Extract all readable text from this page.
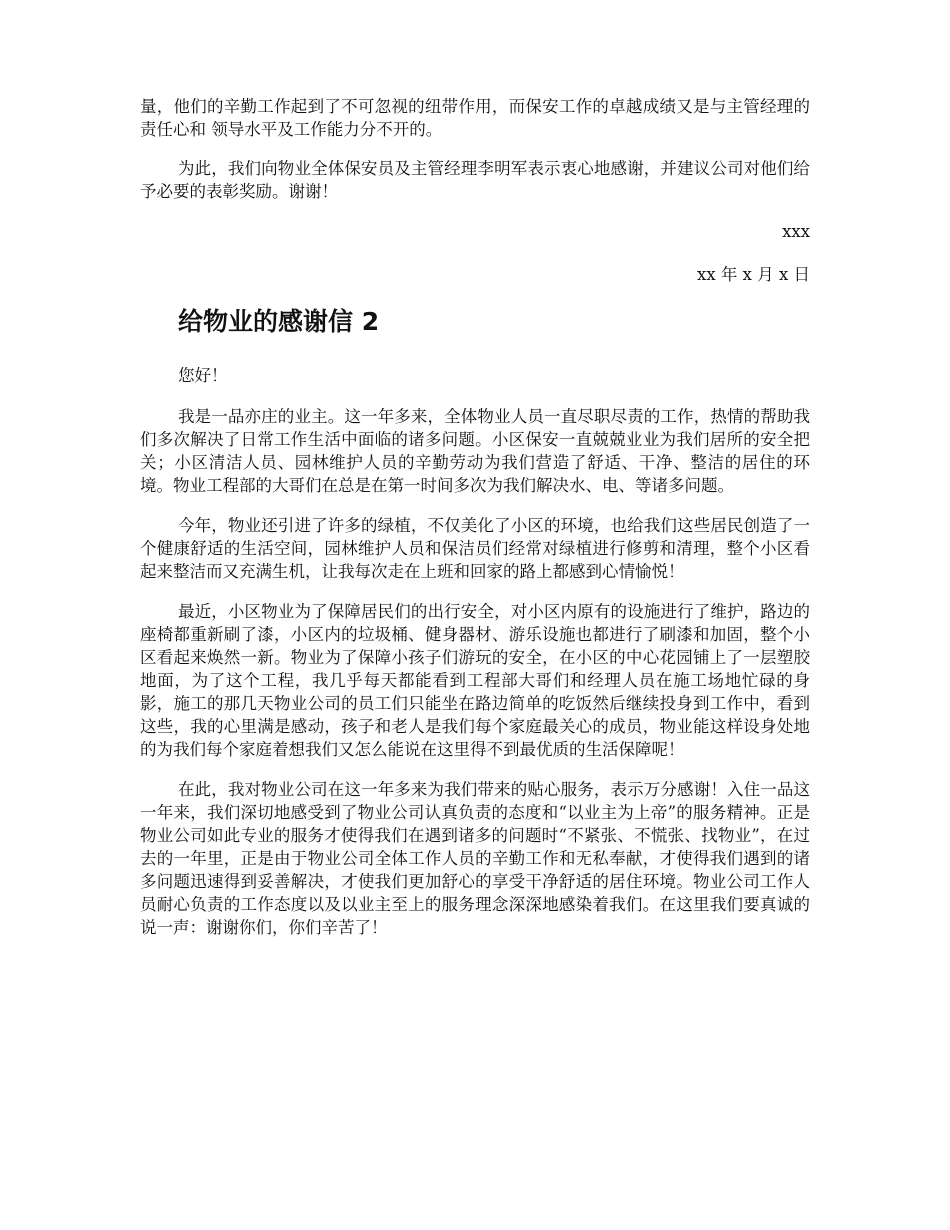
量，他们的辛勤工作起到了不可忽视的纽带作用，而保安工作的卓越成绩又是与主管经理的责任心和 领导水平及工作能力分不开的。

为此，我们向物业全体保安员及主管经理李明军表示衷心地感谢，并建议公司对他们给予必要的表彰奖励。谢谢！

xxx

xx 年 x 月 x 日

给物业的感谢信 2

您好！

我是一品亦庄的业主。这一年多来，全体物业人员一直尽职尽责的工作，热情的帮助我们多次解决了日常工作生活中面临的诸多问题。小区保安一直兢兢业业为我们居所的安全把关；小区清洁人员、园林维护人员的辛勤劳动为我们营造了舒适、干净、整洁的居住的环境。物业工程部的大哥们在总是在第一时间多次为我们解决水、电、等诸多问题。

今年，物业还引进了许多的绿植，不仅美化了小区的环境，也给我们这些居民创造了一个健康舒适的生活空间，园林维护人员和保洁员们经常对绿植进行修剪和清理，整个小区看起来整洁而又充满生机，让我每次走在上班和回家的路上都感到心情愉悦！

最近，小区物业为了保障居民们的出行安全，对小区内原有的设施进行了维护，路边的座椅都重新刷了漆，小区内的垃圾桶、健身器材、游乐设施也都进行了刷漆和加固，整个小区看起来焕然一新。物业为了保障小孩子们游玩的安全，在小区的中心花园铺上了一层塑胶地面，为了这个工程，我几乎每天都能看到工程部大哥们和经理人员在施工场地忙碌的身影，施工的那几天物业公司的员工们只能坐在路边简单的吃饭然后继续投身到工作中，看到这些，我的心里满是感动，孩子和老人是我们每个家庭最关心的成员，物业能这样设身处地的为我们每个家庭着想我们又怎么能说在这里得不到最优质的生活保障呢！

在此，我对物业公司在这一年多来为我们带来的贴心服务，表示万分感谢！入住一品这一年来，我们深切地感受到了物业公司认真负责的态度和“以业主为上帝”的服务精神。正是物业公司如此专业的服务才使得我们在遇到诸多的问题时“不紧张、不慌张、找物业”，在过去的一年里，正是由于物业公司全体工作人员的辛勤工作和无私奉献，才使得我们遇到的诸多问题迅速得到妥善解决，才使我们更加舒心的享受干净舒适的居住环境。物业公司工作人员耐心负责的工作态度以及以业主至上的服务理念深深地感染着我们。在这里我们要真诚的说一声：谢谢你们，你们辛苦了！
